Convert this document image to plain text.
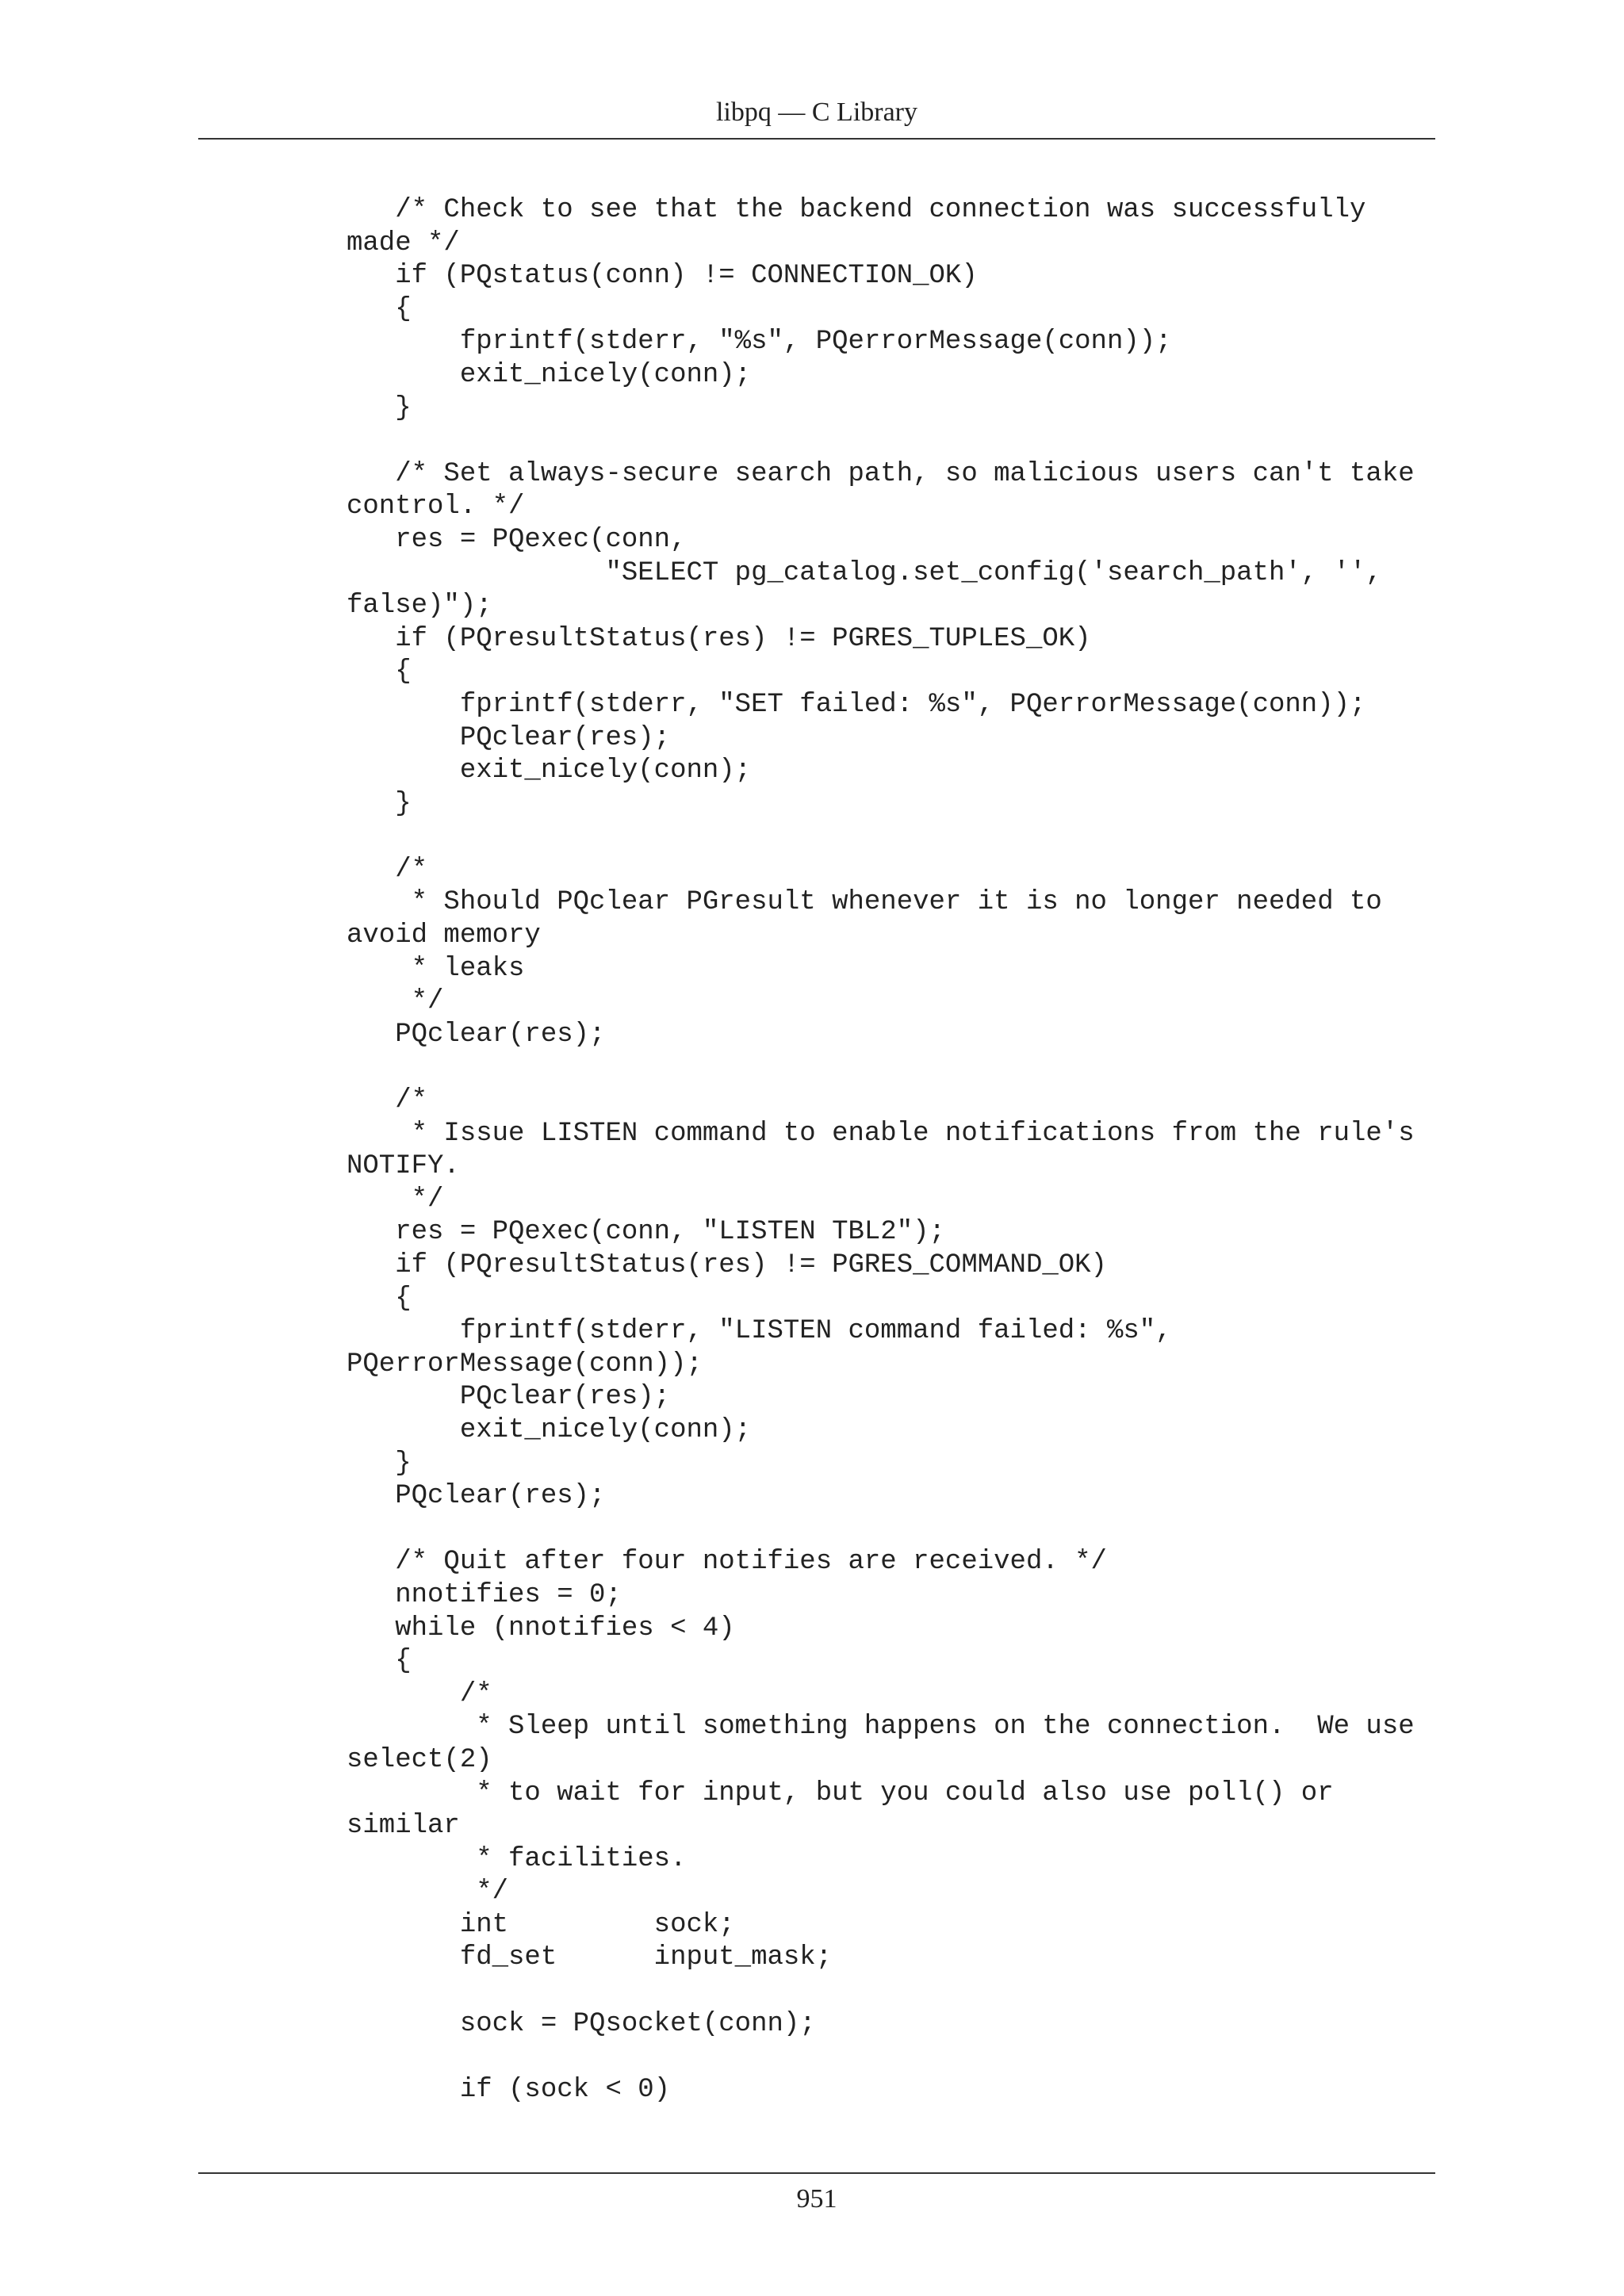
libpq — C Library
/* Check to see that the backend connection was successfully
made */
if (PQstatus(conn) != CONNECTION_OK)
{
fprintf(stderr, "%s", PQerrorMessage(conn));
exit_nicely(conn);
}
/* Set always-secure search path, so malicious users can't take
control. */
res = PQexec(conn,
"SELECT pg_catalog.set_config('search_path', '',
false)");
if (PQresultStatus(res) != PGRES_TUPLES_OK)
{
fprintf(stderr, "SET failed: %s", PQerrorMessage(conn));
PQclear(res);
exit_nicely(conn);
}
/*
* Should PQclear PGresult whenever it is no longer needed to
avoid memory
* leaks
*/
PQclear(res);
/*
* Issue LISTEN command to enable notifications from the rule's
NOTIFY.
*/
res = PQexec(conn, "LISTEN TBL2");
if (PQresultStatus(res) != PGRES_COMMAND_OK)
{
fprintf(stderr, "LISTEN command failed: %s",
PQerrorMessage(conn));
PQclear(res);
exit_nicely(conn);
}
PQclear(res);
/* Quit after four notifies are received. */
nnotifies = 0;
while (nnotifies < 4)
{
/*
* Sleep until something happens on the connection.  We use
select(2)
* to wait for input, but you could also use poll() or
similar
* facilities.
*/
int         sock;
fd_set      input_mask;
sock = PQsocket(conn);
if (sock < 0)
951
